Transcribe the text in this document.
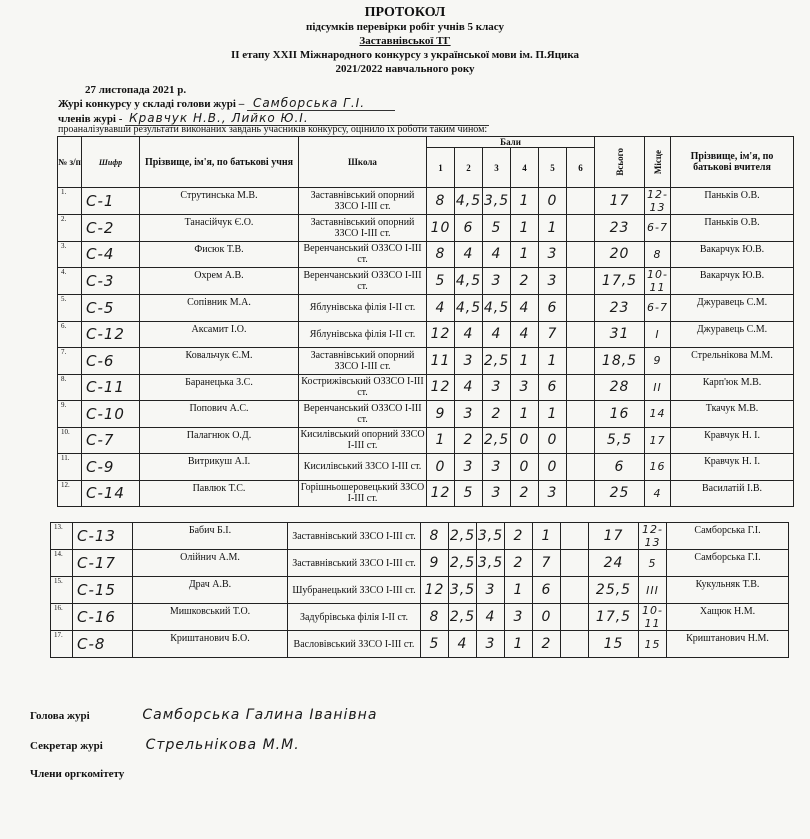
ПРОТОКОЛ
підсумків перевірки робіт учнів 5 класу
Заставнівської ТГ
ІІ етапу ХХІІ Міжнародного конкурсу з української мови ім. П.Яцика
2021/2022 навчального року
27 листопада 2021 р.
Журі конкурсу у складі голови журі – Самборська Г.І.
членів журі - Кравчук Н.В., Лийко Ю.І.
проаналізувавши результати виконаних завдань учасників конкурсу, оцінило їх роботи таким чином:
№ з/п	Шифр	Прізвище, ім'я, по батькові учня	Школа	Бали						Всього	Місце	Прізвище, ім'я, по батькові вчителя
				1	2	3	4	5	6			
1.	С-1	Струтинська М.В.	Заставнівський опорний ЗЗСО І-ІІІ ст.	8	4,5	3,5	1	0		17	12-13	Паньків О.В.
2.	С-2	Танасійчук Є.О.	Заставнівський опорний ЗЗСО І-ІІІ ст.	10	6	5	1	1		23	6-7	Паньків О.В.
3.	С-4	Фисюк Т.В.	Веренчанський ОЗЗСО І-ІІІ ст.	8	4	4	1	3		20	8	Вакарчук Ю.В.
4.	С-3	Охрем А.В.	Веренчанський ОЗЗСО І-ІІІ ст.	5	4,5	3	2	3		17,5	10-11	Вакарчук Ю.В.
5.	С-5	Сопівник М.А.	Яблунівська філія І-ІІ ст.	4	4,5	4,5	4	6		23	6-7	Джуравець С.М.
6.	С-12	Аксамит І.О.	Яблунівська філія І-ІІ ст.	12	4	4	4	7		31	І	Джуравець С.М.
7.	С-6	Ковальчук Є.М.	Заставнівський опорний ЗЗСО І-ІІІ ст.	11	3	2,5	1	1		18,5	9	Стрельнікова М.М.
8.	С-11	Баранецька З.С.	Кострижівський ОЗЗСО І-ІІІ ст.	12	4	3	3	6		28	ІІ	Карп'юк М.В.
9.	С-10	Попович А.С.	Веренчанський ОЗЗСО І-ІІІ ст.	9	3	2	1	1		16	14	Ткачук М.В.
10.	С-7	Палагнюк О.Д.	Кисилівський опорний ЗЗСО І-ІІІ ст.	1	2	2,5	0	0		5,5	17	Кравчук Н. І.
11.	С-9	Витрикуш А.І.	Кисилівський ЗЗСО І-ІІІ ст.	0	3	3	0	0		6	16	Кравчук Н. І.
12.	С-14	Павлюк Т.С.	Горішньошеровецький ЗЗСО І-ІІІ ст.	12	5	3	2	3		25	4	Василатій І.В.
13.	С-13	Бабич Б.І.	Заставнівський ЗЗСО І-ІІІ ст.	8	2,5	3,5	2	1		17	12-13	Самборська Г.І.
14.	С-17	Олійнич А.М.	Заставнівський ЗЗСО І-ІІІ ст.	9	2,5	3,5	2	7		24	5	Самборська Г.І.
15.	С-15	Драч А.В.	Шубранецький ЗЗСО І-ІІІ ст.	12	3,5	3	1	6		25,5	ІІІ	Кукульняк Т.В.
16.	С-16	Мишковський Т.О.	Задубрівська філія І-ІІ ст.	8	2,5	4	3	0		17,5	10-11	Хащюк Н.М.
17.	С-8	Криштанович Б.О.	Васловівський ЗЗСО І-ІІІ ст.	5	4	3	1	2		15	15	Криштанович Н.М.
Голова журі	Самборська Галина Іванівна
Секретар журі	Стрельнікова М.М.
Члени оргкомітету
